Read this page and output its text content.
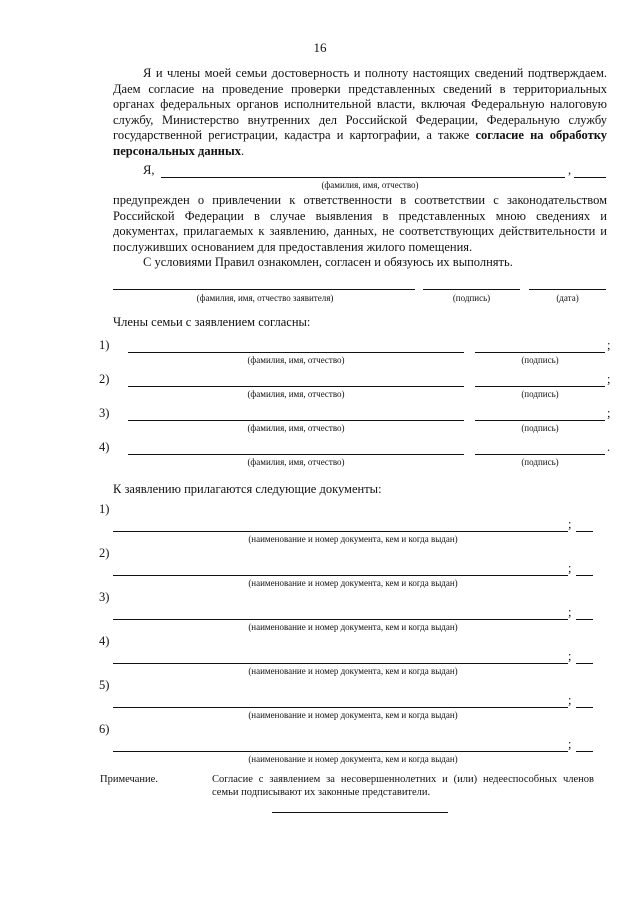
16
Я и члены моей семьи достоверность и полноту настоящих сведений подтверждаем. Даем согласие на проведение проверки представленных сведений в территориальных органах федеральных органов исполнительной власти, включая Федеральную налоговую службу, Министерство внутренних дел Российской Федерации, Федеральную службу государственной регистрации, кадастра и картографии, а также согласие на обработку персональных данных.
Я,	,
(фамилия, имя, отчество)
предупрежден о привлечении к ответственности в соответствии с законодательством Российской Федерации в случае выявления в представленных мною сведениях и документах, прилагаемых к заявлению, данных, не соответствующих действительности и послуживших основанием для предоставления жилого помещения.
С условиями Правил ознакомлен, согласен и обязуюсь их выполнять.
(фамилия, имя, отчество заявителя)	(подпись)	(дата)
Члены семьи с заявлением согласны:
1)	;
(фамилия, имя, отчество)	(подпись)
2)	;
(фамилия, имя, отчество)	(подпись)
3)	;
(фамилия, имя, отчество)	(подпись)
4)	.
(фамилия, имя, отчество)	(подпись)
К заявлению прилагаются следующие документы:
1)
;
(наименование и номер документа, кем и когда выдан)
2)
;
(наименование и номер документа, кем и когда выдан)
3)
;
(наименование и номер документа, кем и когда выдан)
4)
;
(наименование и номер документа, кем и когда выдан)
5)
;
(наименование и номер документа, кем и когда выдан)
6)
;
(наименование и номер документа, кем и когда выдан)
Примечание.	Согласие с заявлением за несовершеннолетних и (или) недееспособных членов семьи подписывают их законные представители.
